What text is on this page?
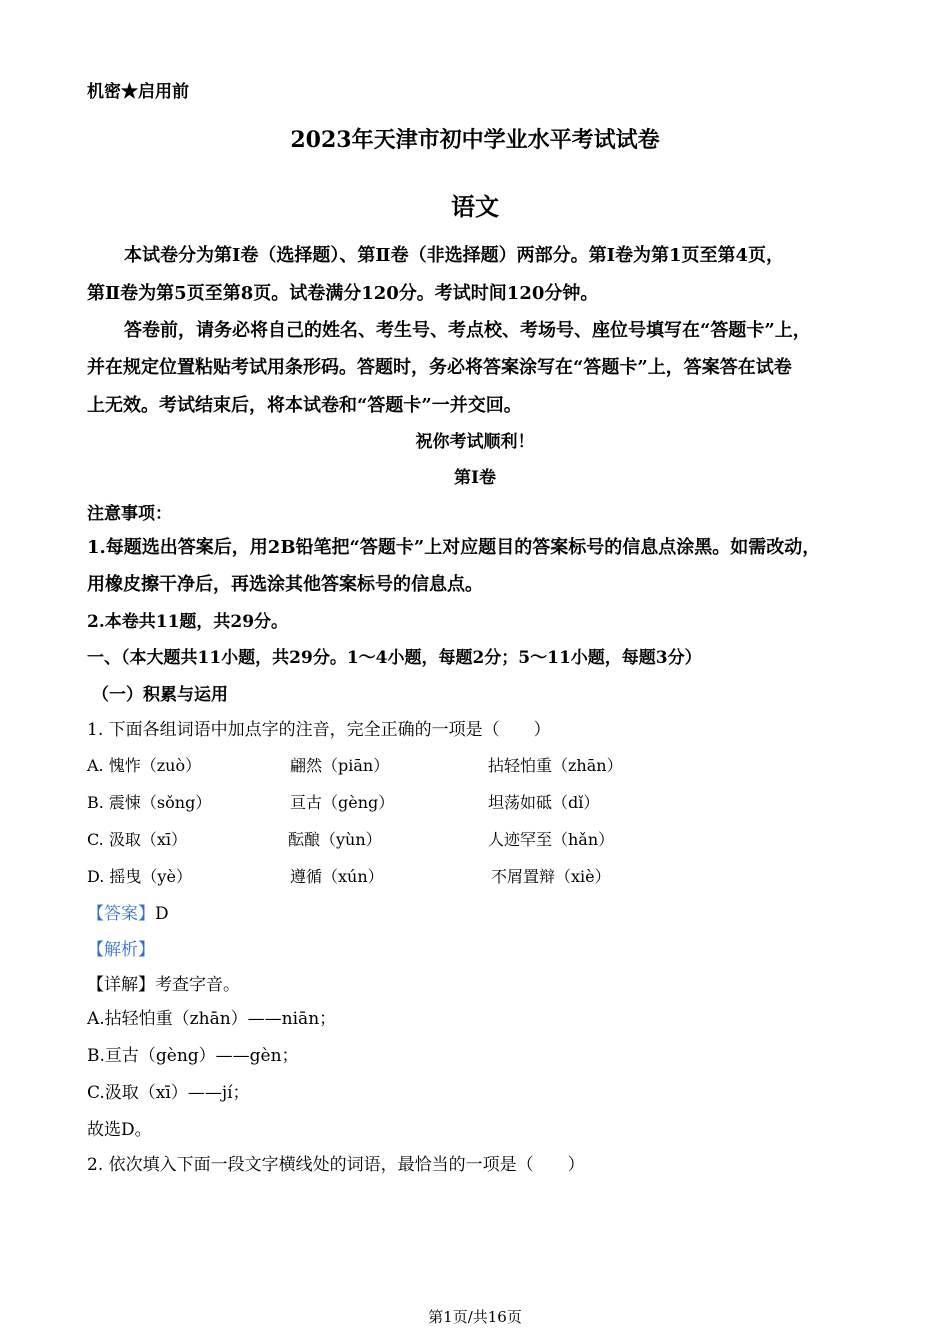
机密★启用前
2023年天津市初中学业水平考试试卷
语文
本试卷分为第Ⅰ卷（选择题）、第Ⅱ卷（非选择题）两部分。第Ⅰ卷为第1页至第4页，
第Ⅱ卷为第5页至第8页。试卷满分120分。考试时间120分钟。
答卷前，请务必将自己的姓名、考生号、考点校、考场号、座位号填写在“答题卡”上，
并在规定位置粘贴考试用条形码。答题时，务必将答案涂写在“答题卡”上，答案答在试卷
上无效。考试结束后，将本试卷和“答题卡”一并交回。
祝你考试顺利！
第Ⅰ卷
注意事项：
1.每题选出答案后，用2B铅笔把“答题卡”上对应题目的答案标号的信息点涂黑。如需改动，
用橡皮擦干净后，再选涂其他答案标号的信息点。
2.本卷共11题，共29分。
一、（本大题共11小题，共29分。1～4小题，每题2分；5～11小题，每题3分）
（一）积累与运用
1. 下面各组词语中加点字的注音，完全正确的一项是（　　）
A. 愧怍（zuò）	翩然（piān）	拈轻怕重（zhān）
B. 震悚（sǒng）	亘古（gèng）	坦荡如砥（dǐ）
C. 汲取（xī）	酝酿（yùn）	人迹罕至（hǎn）
D. 摇曳（yè）	遵循（xún）	不屑置辩（xiè）
【答案】D
【解析】
【详解】考查字音。
A.拈轻怕重（zhān）——niān；
B.亘古（gèng）——gèn；
C.汲取（xī）——jí；
故选D。
2. 依次填入下面一段文字横线处的词语，最恰当的一项是（　　）
第1页/共16页
